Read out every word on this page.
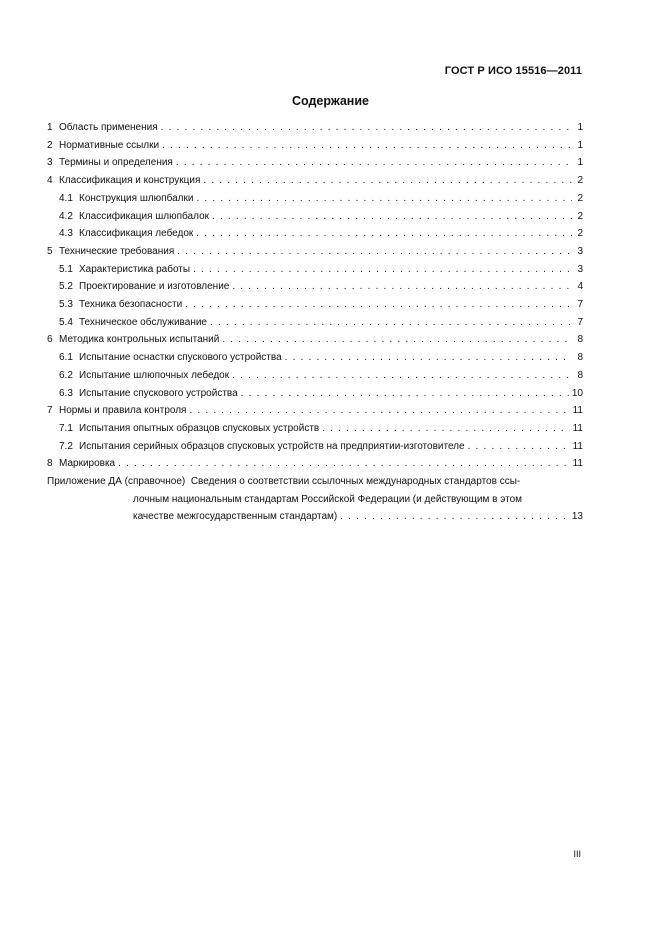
ГОСТ Р ИСО 15516—2011
Содержание
1 Область применения . . .	1
2 Нормативные ссылки . . .	1
3 Термины и определения . . .	1
4 Классификация и конструкция . . .	2
4.1 Конструкция шлюпбалки . . .	2
4.2 Классификация шлюпбалок . . .	2
4.3 Классификация лебедок . . .	2
5 Технические требования . . .	3
5.1 Характеристика работы . . .	3
5.2 Проектирование и изготовление . . .	4
5.3 Техника безопасности . . .	7
5.4 Техническое обслуживание . . .	7
6 Методика контрольных испытаний . . .	8
6.1 Испытание оснастки спускового устройства . . .	8
6.2 Испытание шлюпочных лебедок . . .	8
6.3 Испытание спускового устройства . . .	10
7 Нормы и правила контроля . . .	11
7.1 Испытания опытных образцов спусковых устройств . . .	11
7.2 Испытания серийных образцов спусковых устройств на предприятии-изготовителе . . .	11
8 Маркировка . . .	11
Приложение ДА (справочное) Сведения о соответствии ссылочных международных стандартов ссы-
лочным национальным стандартам Российской Федерации (и действующим в этом
качестве межгосударственным стандартам) . . .	13
III
